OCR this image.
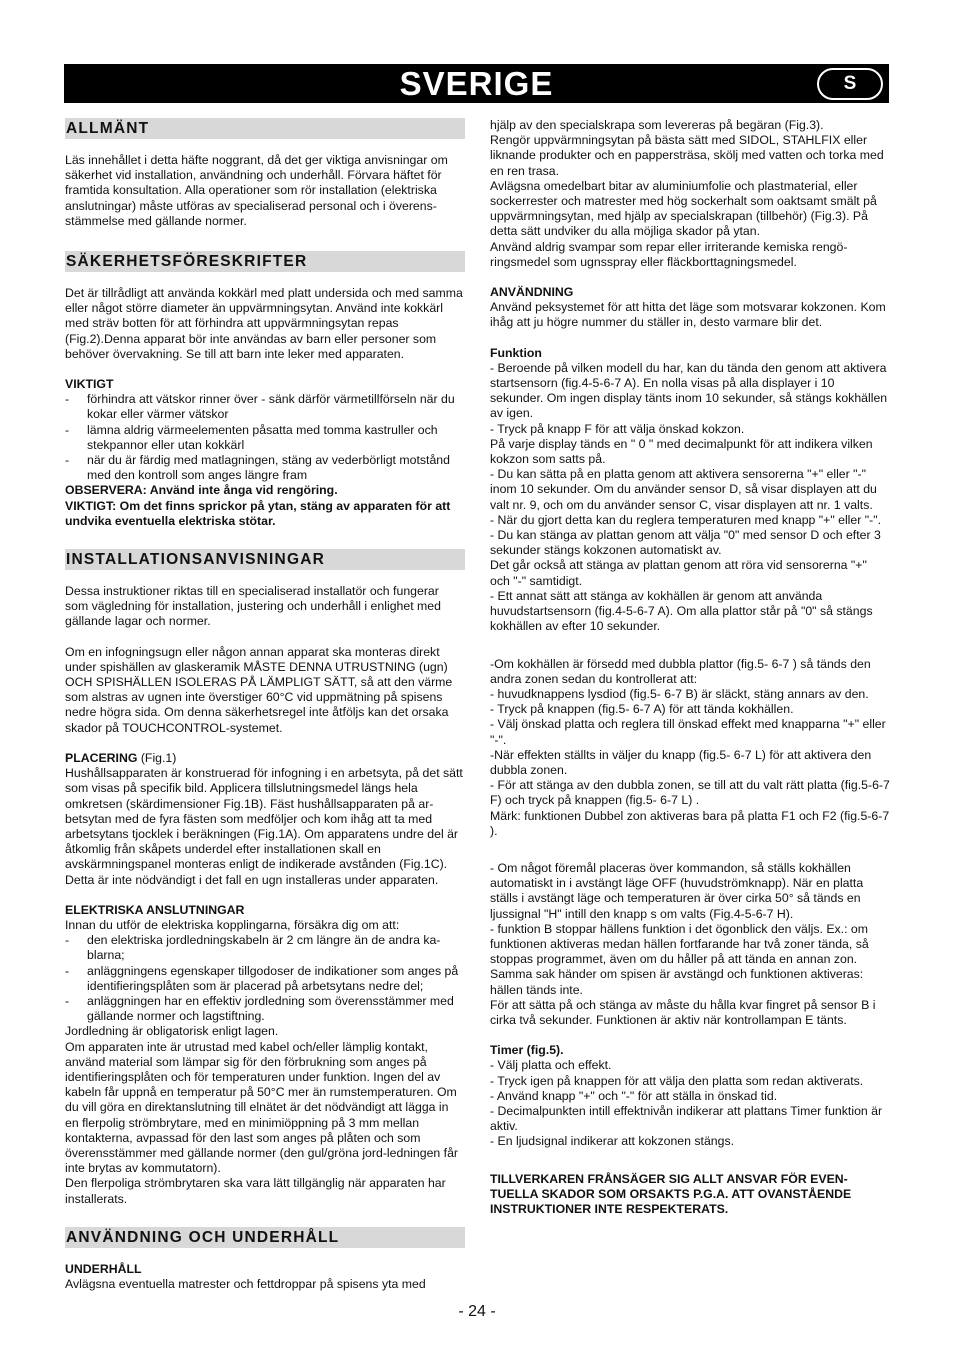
SVERIGE	S
ALLMÄNT

Läs innehållet i detta häfte noggrant, då det ger viktiga anvisningar om säkerhet vid installation, användning och underhåll. Förvara häftet för framtida konsultation. Alla operationer som rör installation (elektriska anslutningar) måste utföras av specialiserad personal och i överens-stämmelse med gällande normer.

SÄKERHETSFÖRESKRIFTER

Det är tillrådligt att använda kokkärl med platt undersida och med samma eller något större diameter än uppvärmningsytan. Använd inte kokkärl med sträv botten för att förhindra att uppvärmningsytan repas (Fig.2).Denna apparat bör inte användas av barn eller personer som behöver övervakning. Se till att barn inte leker med apparaten.

VIKTIGT

- förhindra att vätskor rinner över - sänk därför värmetillförseln när du kokar eller värmer vätskor
- lämna aldrig värmeelementen påsatta med tomma kastruller och stekpannor eller utan kokkärl
- när du är färdig med matlagningen, stäng av vederbörligt motstånd med den kontroll som anges längre fram

OBSERVERA: Använd inte ånga vid rengöring.

VIKTIGT: Om det finns sprickor på ytan, stäng av apparaten för att undvika eventuella elektriska stötar.

INSTALLATIONSANVISNINGAR

Dessa instruktioner riktas till en specialiserad installatör och fungerar som vägledning för installation, justering och underhåll i enlighet med gällande lagar och normer.

Om en infogningsugn eller någon annan apparat ska monteras direkt under spishällen av glaskeramik MÅSTE DENNA UTRUSTNING (ugn) OCH SPISHÄLLEN ISOLERAS PÅ LÄMPLIGT SÄTT, så att den värme som alstras av ugnen inte överstiger 60°C vid uppmätning på spisens nedre högra sida. Om denna säkerhetsregel inte åtföljs kan det orsaka skador på TOUCHCONTROL-systemet.

PLACERING (Fig.1)

Hushållsapparaten är konstruerad för infogning i en arbetsyta, på det sätt som visas på specifik bild. Applicera tillslutningsmedel längs hela omkretsen (skärdimensioner Fig.1B). Fäst hushållsapparaten på ar-betsytan med de fyra fästen som medföljer och kom ihåg att ta med arbetsytans tjocklek i beräkningen (Fig.1A). Om apparatens undre del är åtkomlig från skåpets underdel efter installationen skall en avskärmningspanel monteras enligt de indikerade avstånden (Fig.1C). Detta är inte nödvändigt i det fall en ugn installeras under apparaten.

ELEKTRISKA ANSLUTNINGAR

Innan du utför de elektriska kopplingarna, försäkra dig om att:

- den elektriska jordledningskabeln är 2 cm längre än de andra ka-blarna;
- anläggningens egenskaper tillgodoser de indikationer som anges på identifieringsplåten som är placerad på arbetsytans nedre del;
- anläggningen har en effektiv jordledning som överensstämmer med gällande normer och lagstiftning.

Jordledning är obligatorisk enligt lagen.
Om apparaten inte är utrustad med kabel och/eller lämplig kontakt, använd material som lämpar sig för den förbrukning som anges på identifieringsplåten och för temperaturen under funktion. Ingen del av kabeln får uppnå en temperatur på 50°C mer än rumstemperaturen. Om du vill göra en direktanslutning till elnätet är det nödvändigt att lägga in en flerpolig strömbrytare, med en minimiöppning på 3 mm mellan kontakterna, avpassad för den last som anges på plåten och som överensstämmer med gällande normer (den gul/gröna jord-ledningen får inte brytas av kommutatorn).
Den flerpoliga strömbrytaren ska vara lätt tillgänglig när apparaten har installerats.

ANVÄNDNING OCH UNDERHÅLL

UNDERHÅLL

Avlägsna eventuella matrester och fettdroppar på spisens yta med

hjälp av den specialskrapa som levereras på begäran (Fig.3).
Rengör uppvärmningsytan på bästa sätt med SIDOL, STAHLFIX eller liknande produkter och en pappersträsa, skölj med vatten och torka med en ren trasa.
Avlägsna omedelbart bitar av aluminiumfolie och plastmaterial, eller sockerrester och matrester med hög sockerhalt som oaktsamt smält på uppvärmningsytan, med hjälp av specialskrapan (tillbehör) (Fig.3). På detta sätt undviker du alla möjliga skador på ytan.
Använd aldrig svampar som repar eller irriterande kemiska rengö-ringsmedel som ugnsspray eller fläckborttagningsmedel.

ANVÄNDNING

Använd peksystemet för att hitta det läge som motsvarar kokzonen. Kom ihåg att ju högre nummer du ställer in, desto varmare blir det.

Funktion

- Beroende på vilken modell du har, kan du tända den genom att aktivera startsensorn (fig.4-5-6-7 A). En nolla visas på alla displayer i 10 sekunder. Om ingen display tänts inom 10 sekunder, så stängs kokhällen av igen.

- Tryck på knapp F för att välja önskad kokzon.

På varje display tänds en " 0 " med decimalpunkt för att indikera vilken kokzon som satts på.

- Du kan sätta på en platta genom att aktivera sensorerna "+" eller "-" inom 10 sekunder. Om du använder sensor D, så visar displayen att du valt nr. 9, och om du använder sensor C, visar displayen att nr. 1 valts.

- När du gjort detta kan du reglera temperaturen med knapp "+" eller "-".

- Du kan stänga av plattan genom att välja "0" med sensor D och efter 3 sekunder stängs kokzonen automatiskt av.

Det går också att stänga av plattan genom att röra vid sensorerna "+" och "-" samtidigt.

- Ett annat sätt att stänga av kokhällen är genom att använda huvudstartsensorn (fig.4-5-6-7 A). Om alla plattor står på "0" så stängs kokhällen av efter 10 sekunder.

-Om kokhällen är försedd med dubbla plattor (fig.5- 6-7 ) så tänds den andra zonen sedan du kontrollerat att:

- huvudknappens lysdiod (fig.5- 6-7 B) är släckt, stäng annars av den.

- Tryck på knappen (fig.5- 6-7 A) för att tända kokhällen.

- Välj önskad platta och reglera till önskad effekt med knapparna "+" eller "-".

-När effekten ställts in väljer du knapp (fig.5- 6-7 L) för att aktivera den dubbla zonen.

- För att stänga av den dubbla zonen, se till att du valt rätt platta (fig.5-6-7 F) och tryck på knappen (fig.5- 6-7 L) .

Märk: funktionen Dubbel zon aktiveras bara på platta F1 och F2 (fig.5-6-7 ).

- Om något föremål placeras över kommandon, så ställs kokhällen automatiskt in i avstängt läge OFF (huvudströmknapp). När en platta ställs i avstängt läge och temperaturen är över cirka 50° så tänds en ljussignal "H" intill den knapp s om valts (Fig.4-5-6-7 H).

- funktion B stoppar hällens funktion i det ögonblick den väljs. Ex.: om funktionen aktiveras medan hällen fortfarande har två zoner tända, så stoppas programmet, även om du håller på att tända en annan zon. Samma sak händer om spisen är avstängd och funktionen aktiveras: hällen tänds inte.

För att sätta på och stänga av måste du hålla kvar fingret på sensor B i cirka två sekunder. Funktionen är aktiv när kontrollampan E tänts.

Timer (fig.5).

- Välj platta och effekt.

- Tryck igen på knappen för att välja den platta som redan aktiverats.

- Använd knapp "+" och "-" för att ställa in önskad tid.

- Decimalpunkten intill effektnivån indikerar att plattans Timer funktion är aktiv.

- En ljudsignal indikerar att kokzonen stängs.

TILLVERKAREN FRÅNSÄGER SIG ALLT ANSVAR FÖR EVEN-TUELLA SKADOR SOM ORSAKTS P.G.A. ATT OVANSTÅENDE INSTRUKTIONER INTE RESPEKTERATS.

- 24 -
